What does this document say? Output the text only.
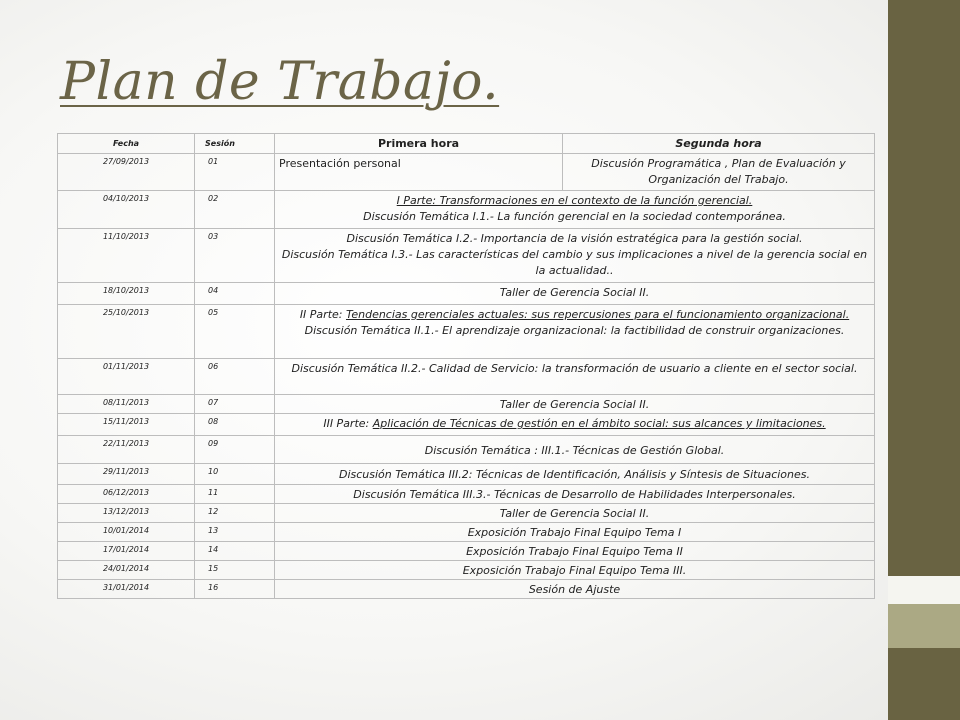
Plan de Trabajo.
Fecha	Sesión	Primera hora	Segunda hora
27/09/2013	01	Presentación personal	Discusión Programática , Plan de Evaluación y Organización del Trabajo.
04/10/2013	02	I Parte: Transformaciones en el contexto de la función gerencial.
Discusión Temática I.1.- La función gerencial en la sociedad contemporánea.	

11/10/2013	03	Discusión Temática I.2.- Importancia de la visión estratégica para la gestión social.
Discusión Temática I.3.- Las características del cambio y sus implicaciones a nivel de la gerencia social en la actualidad..	

18/10/2013	04	Taller de Gerencia Social II.	
25/10/2013	05	II Parte: Tendencias gerenciales actuales: sus repercusiones para el funcionamiento organizacional.
Discusión Temática II.1.- El aprendizaje organizacional: la factibilidad de construir organizaciones.	

01/11/2013	06	Discusión Temática II.2.- Calidad de Servicio: la transformación de usuario a cliente en el sector social.	
08/11/2013	07	Taller de Gerencia Social II.	
15/11/2013	08	III Parte: Aplicación de Técnicas de gestión en el ámbito social: sus alcances y limitaciones.	
22/11/2013	09	Discusión Temática : III.1.- Técnicas de Gestión Global.	
29/11/2013	10	Discusión Temática III.2: Técnicas de Identificación, Análisis y Síntesis de Situaciones.	
06/12/2013	11	Discusión Temática III.3.- Técnicas de Desarrollo de Habilidades Interpersonales.	
13/12/2013	12	Taller de Gerencia Social II.	
10/01/2014	13	Exposición Trabajo Final Equipo Tema I	
17/01/2014	14	Exposición Trabajo Final Equipo Tema II	
24/01/2014	15	Exposición Trabajo Final Equipo Tema III.	
31/01/2014	16	Sesión de Ajuste	
